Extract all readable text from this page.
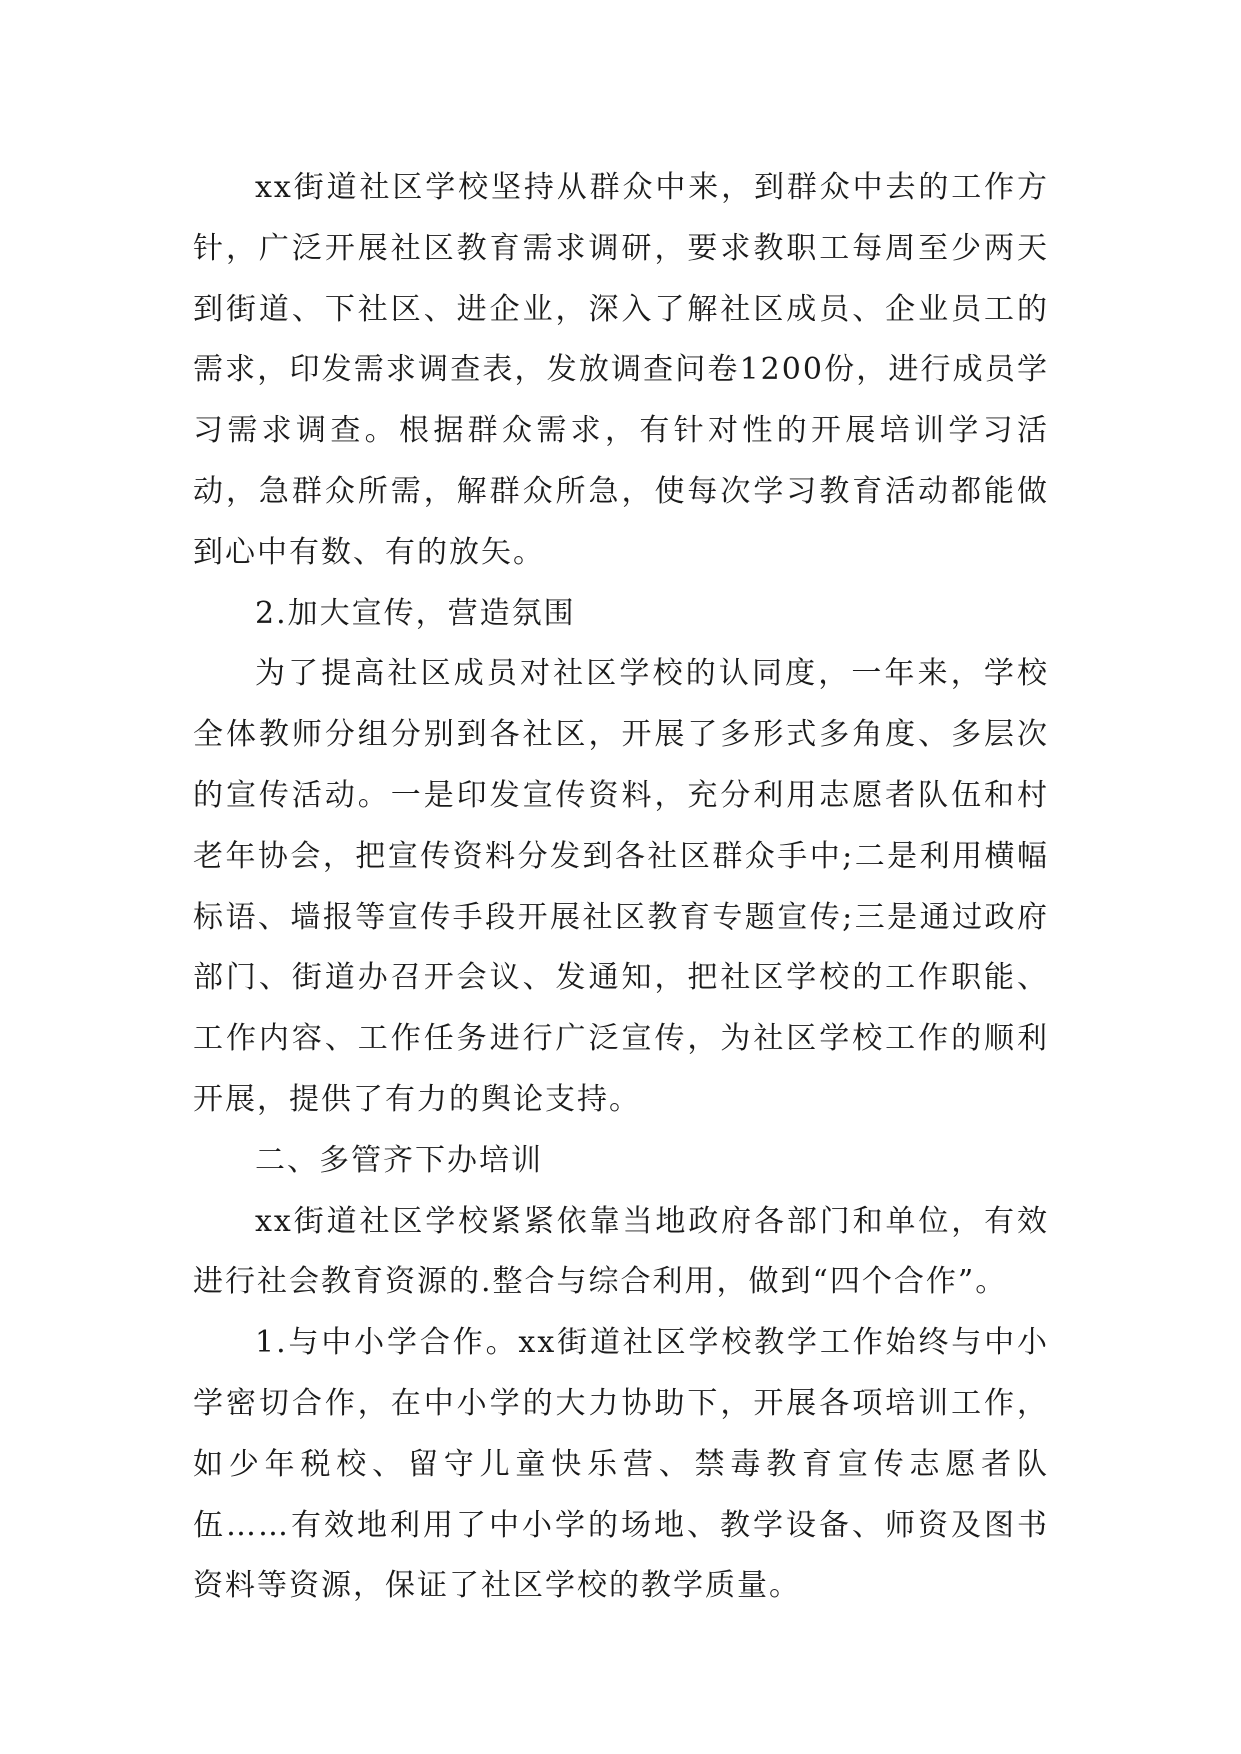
xx街道社区学校坚持从群众中来，到群众中去的工作方针，广泛开展社区教育需求调研，要求教职工每周至少两天到街道、下社区、进企业，深入了解社区成员、企业员工的需求，印发需求调查表，发放调查问卷1200份，进行成员学习需求调查。根据群众需求，有针对性的开展培训学习活动，急群众所需，解群众所急，使每次学习教育活动都能做到心中有数、有的放矢。

2.加大宣传，营造氛围

为了提高社区成员对社区学校的认同度，一年来，学校全体教师分组分别到各社区，开展了多形式多角度、多层次的宣传活动。一是印发宣传资料，充分利用志愿者队伍和村老年协会，把宣传资料分发到各社区群众手中;二是利用横幅标语、墙报等宣传手段开展社区教育专题宣传;三是通过政府部门、街道办召开会议、发通知，把社区学校的工作职能、工作内容、工作任务进行广泛宣传，为社区学校工作的顺利开展，提供了有力的舆论支持。

二、多管齐下办培训

xx街道社区学校紧紧依靠当地政府各部门和单位，有效进行社会教育资源的.整合与综合利用，做到“四个合作”。

1.与中小学合作。xx街道社区学校教学工作始终与中小学密切合作，在中小学的大力协助下，开展各项培训工作，如少年税校、留守儿童快乐营、禁毒教育宣传志愿者队伍……有效地利用了中小学的场地、教学设备、师资及图书资料等资源，保证了社区学校的教学质量。
